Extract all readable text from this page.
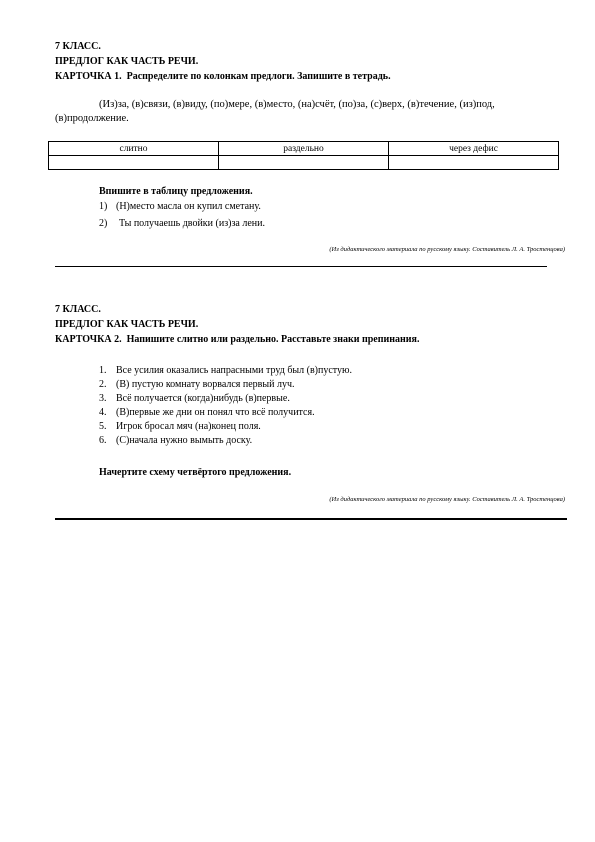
7 КЛАСС.
ПРЕДЛОГ КАК ЧАСТЬ РЕЧИ.
КАРТОЧКА 1. Распределите по колонкам предлоги. Запишите в тетрадь.
(Из)за, (в)связи, (в)виду, (по)мере, (в)место, (на)счёт, (по)за, (с)верх, (в)течение, (из)под,
(в)продолжение.
слитно	раздельно	через дефис

Впишите в таблицу предложения.
1) (Н)место масла он купил сметану.
2)	Ты получаешь двойки (из)за лени.
(Из дидактического материала по русскому языку. Составитель Л. А. Тростенцова)
7 КЛАСС.
ПРЕДЛОГ КАК ЧАСТЬ РЕЧИ.
КАРТОЧКА 2. Напишите слитно или раздельно. Расставьте знаки препинания.
1. Все усилия оказались напрасными труд был (в)пустую.
2. (В) пустую комнату ворвался первый луч.
3. Всё получается (когда)нибудь (в)первые.
4. (В)первые же дни он понял что всё получится.
5. Игрок бросал мяч (на)конец поля.
6. (С)начала нужно вымыть доску.
Начертите схему четвёртого предложения.
(Из дидактического материала по русскому языку. Составитель Л. А. Тростенцова)
